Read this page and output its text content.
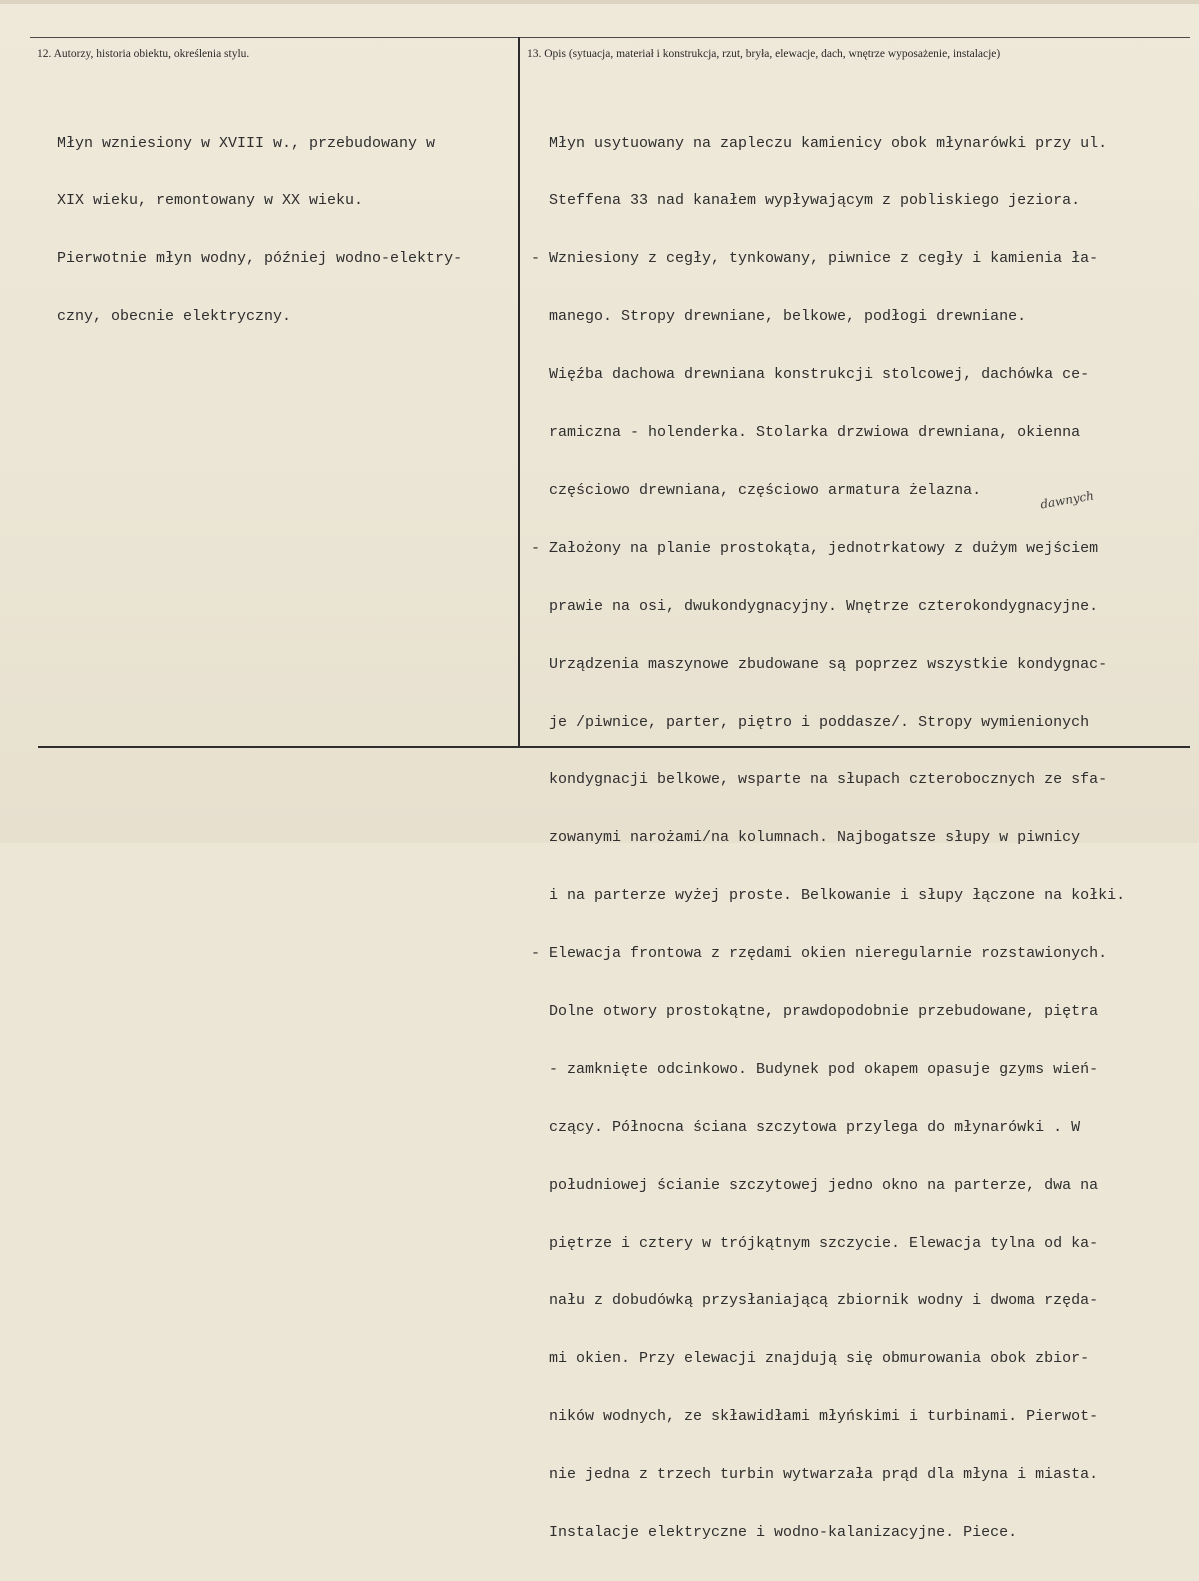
12. Autorzy, historia obiektu, określenia stylu.	13. Opis (sytuacja, materiał i konstrukcja, rzut, bryła, elewacje, dach, wnętrze wyposażenie, instalacje)

Młyn wzniesiony w XVIII w., przebudowany w

XIX wieku, remontowany w XX wieku.

Pierwotnie młyn wodny, później wodno-elektry-

czny, obecnie elektryczny.

Młyn usytuowany na zapleczu kamienicy obok młynarówki przy ul.

Steffena 33 nad kanałem wypływającym z pobliskiego jeziora.

- Wzniesiony z cegły, tynkowany, piwnice z cegły i kamienia ła-

manego. Stropy drewniane, belkowe, podłogi drewniane.

Więźba dachowa drewniana konstrukcji stolcowej, dachówka ce-

ramiczna - holenderka. Stolarka drzwiowa drewniana, okienna

częściowo drewniana, częściowo armatura żelazna.

- Założony na planie prostokąta, jednotrkatowy z dużym wejściem

prawie na osi, dwukondygnacyjny. Wnętrze czterokondygnacyjne.

Urządzenia maszynowe zbudowane są poprzez wszystkie kondygnac-

je /piwnice, parter, piętro i poddasze/. Stropy wymienionych

kondygnacji belkowe, wsparte na słupach czterobocznych ze sfa-

zowanymi narożami/na kolumnach. Najbogatsze słupy w piwnicy

i na parterze wyżej proste. Belkowanie i słupy łączone na kołki.

- Elewacja frontowa z rzędami okien nieregularnie rozstawionych.

Dolne otwory prostokątne, prawdopodobnie przebudowane, piętra

- zamknięte odcinkowo. Budynek pod okapem opasuje gzyms wień-

czący. Północna ściana szczytowa przylega do młynarówki . W

południowej ścianie szczytowej jedno okno na parterze, dwa na

piętrze i cztery w trójkątnym szczycie. Elewacja tylna od ka-

nału z dobudówką przysłaniającą zbiornik wodny i dwoma rzęda-

mi okien. Przy elewacji znajdują się obmurowania obok zbior-

ników wodnych, ze skławidłami młyńskimi i turbinami. Pierwot-

nie jedna z trzech turbin wytwarzała prąd dla młyna i miasta.

Instalacje elektryczne i wodno-kalanizacyjne. Piece.

dawnych
